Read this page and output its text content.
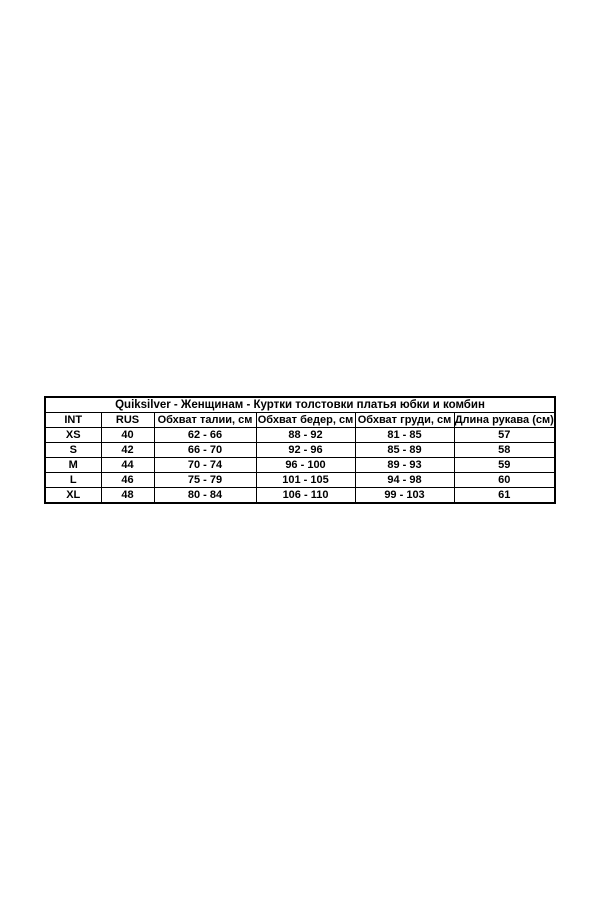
Quiksilver - Женщинам - Куртки толстовки платья юбки и комбин					
INT	RUS	Обхват талии, см	Обхват бедер, см	Обхват груди, см	Длина рукава (см)
XS	40	62 - 66	88 - 92	81 - 85	57
S	42	66 - 70	92 - 96	85 - 89	58
M	44	70 - 74	96 - 100	89 - 93	59
L	46	75 - 79	101 - 105	94 - 98	60
XL	48	80 - 84	106 - 110	99 - 103	61
